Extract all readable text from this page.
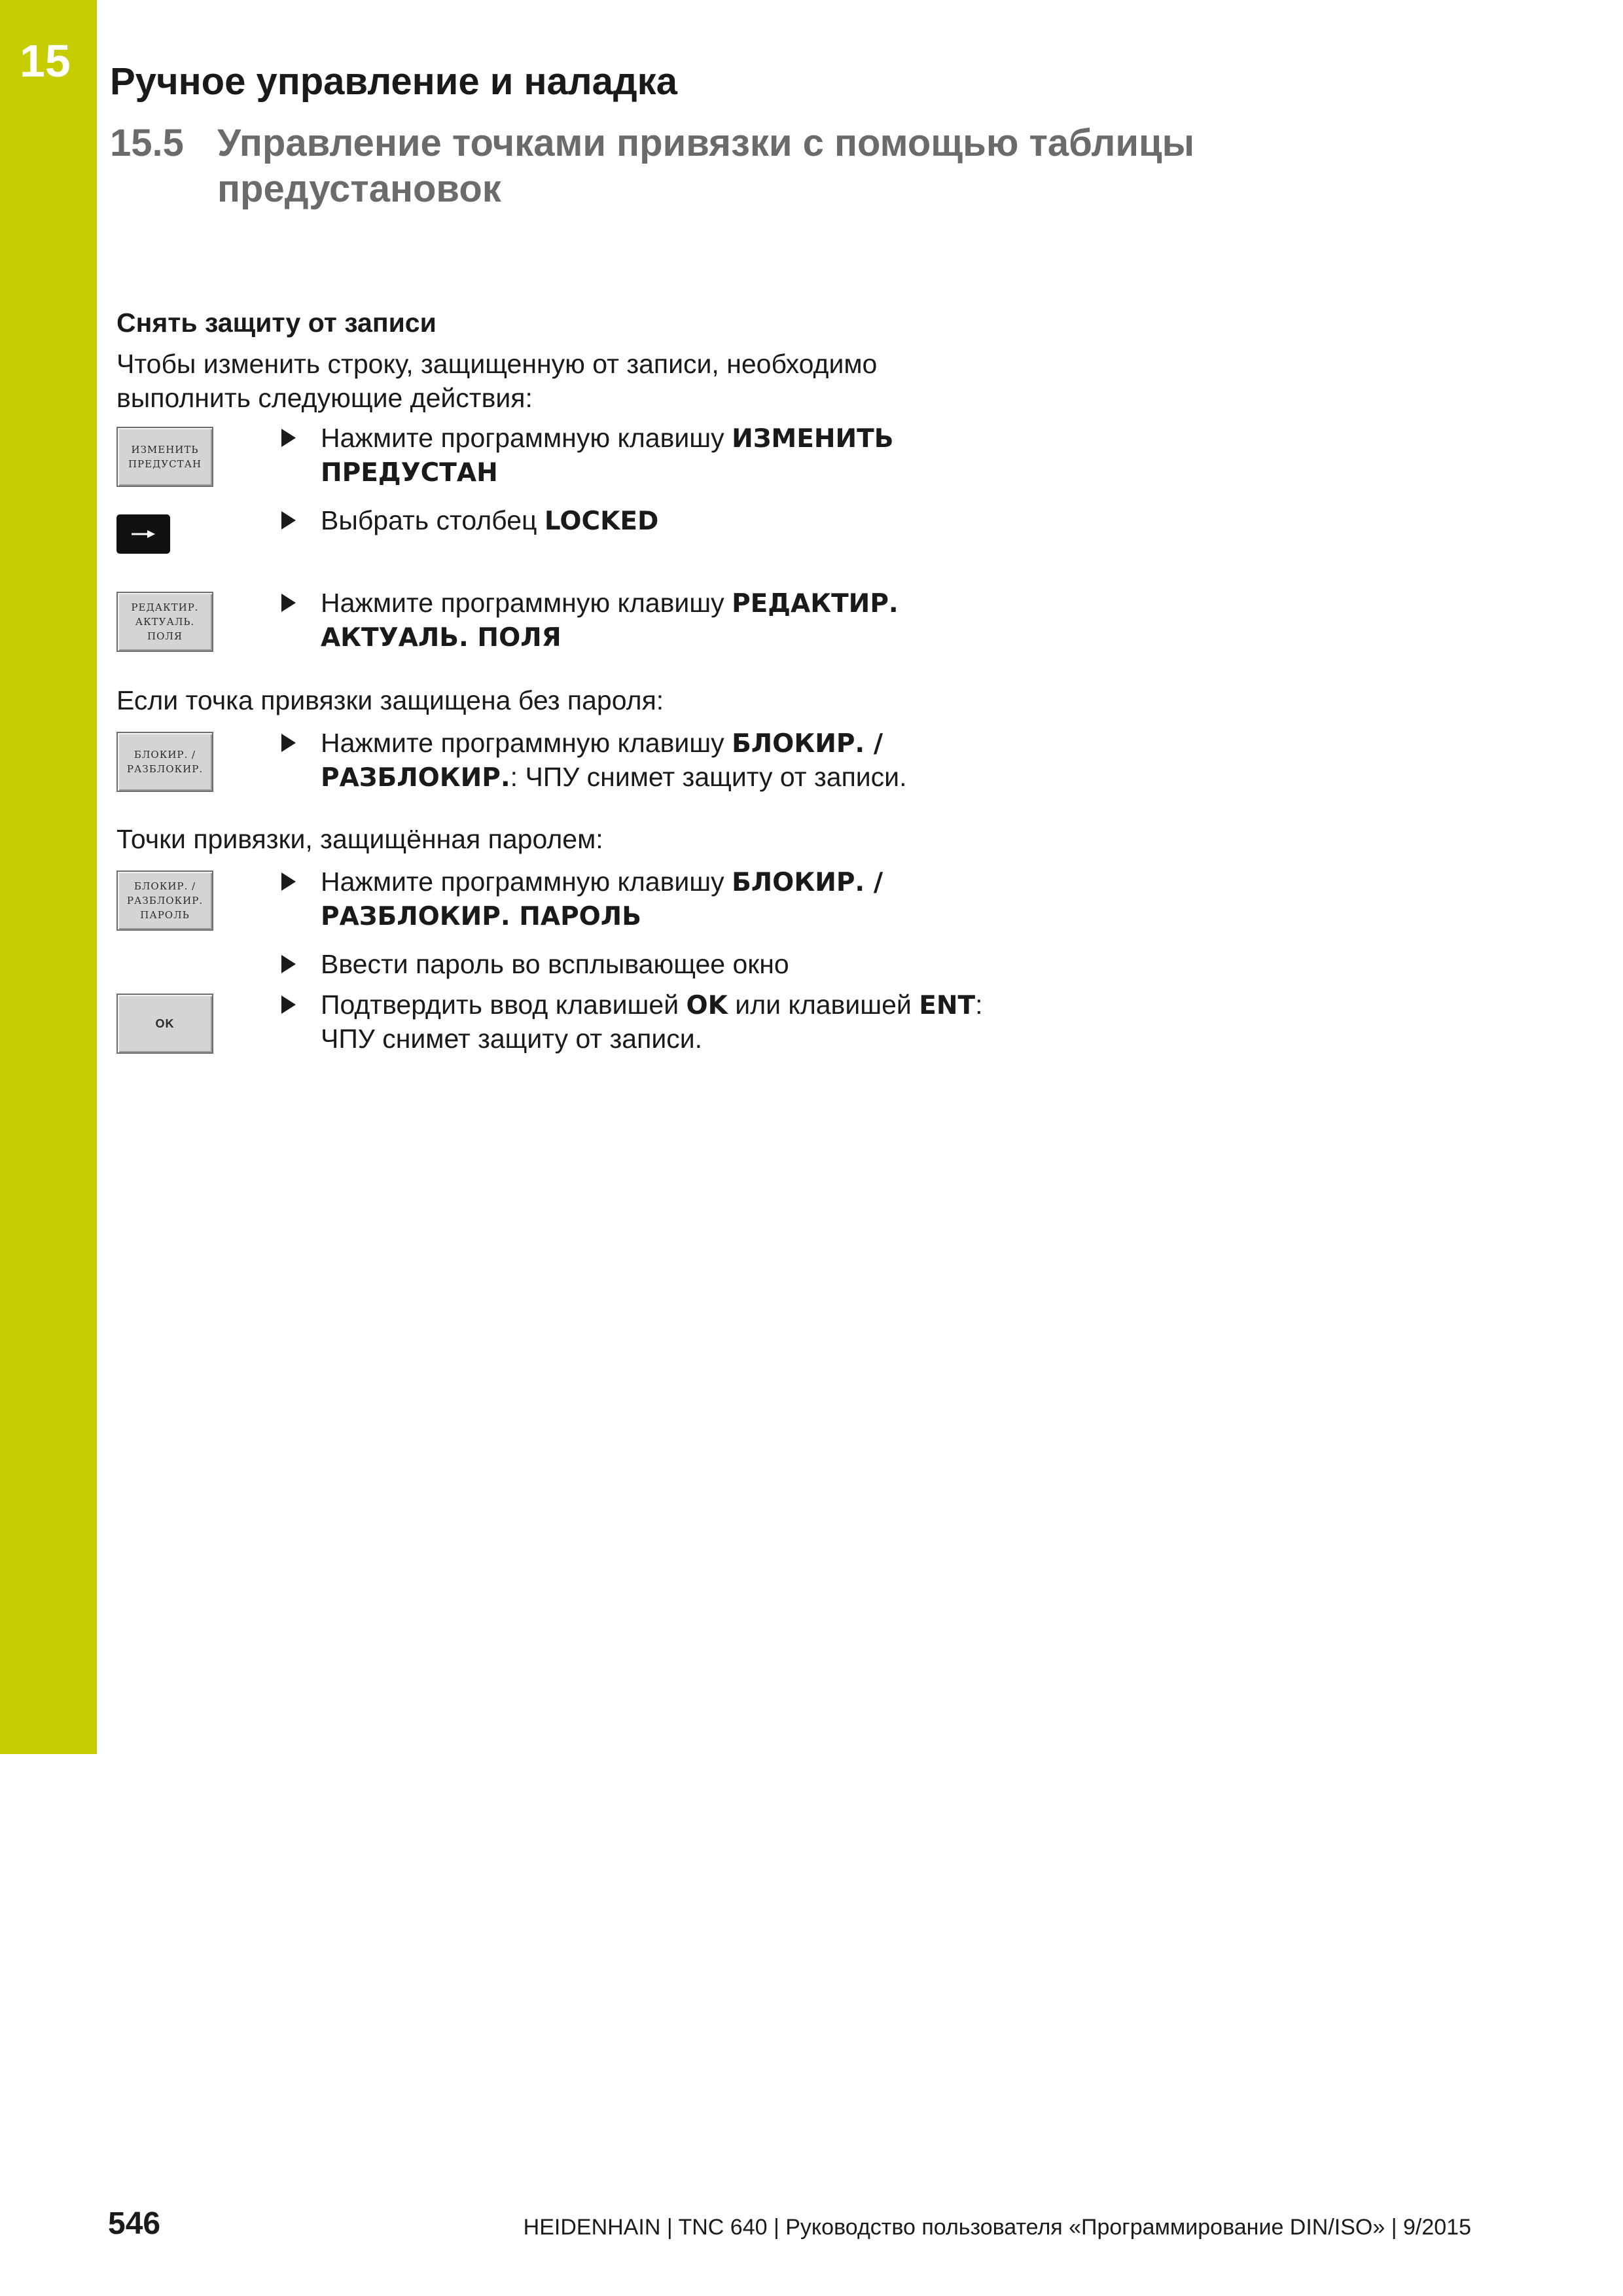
15 Ручное управление и наладка
15.5 Управление точками привязки с помощью таблицы предустановок
Снять защиту от записи
Чтобы изменить строку, защищенную от записи, необходимо выполнить следующие действия:
ИЗМЕНИТЬ
ПРЕДУСТАН
Нажмите программную клавишу ИЗМЕНИТЬ ПРЕДУСТАН
Выбрать столбец LOCKED
РЕДАКТИР.
АКТУАЛЬ.
ПОЛЯ
Нажмите программную клавишу РЕДАКТИР. АКТУАЛЬ. ПОЛЯ
Если точка привязки защищена без пароля:
БЛОКИР. /
РАЗБЛОКИР.
Нажмите программную клавишу БЛОКИР. / РАЗБЛОКИР.: ЧПУ снимет защиту от записи.
Точки привязки, защищённая паролем:
БЛОКИР. /
РАЗБЛОКИР.
ПАРОЛЬ
Нажмите программную клавишу БЛОКИР. / РАЗБЛОКИР. ПАРОЛЬ
Ввести пароль во всплывающее окно
OK
Подтвердить ввод клавишей OK или клавишей ENT: ЧПУ снимет защиту от записи.
546	HEIDENHAIN | TNC 640 | Руководство пользователя «Программирование DIN/ISO» | 9/2015
